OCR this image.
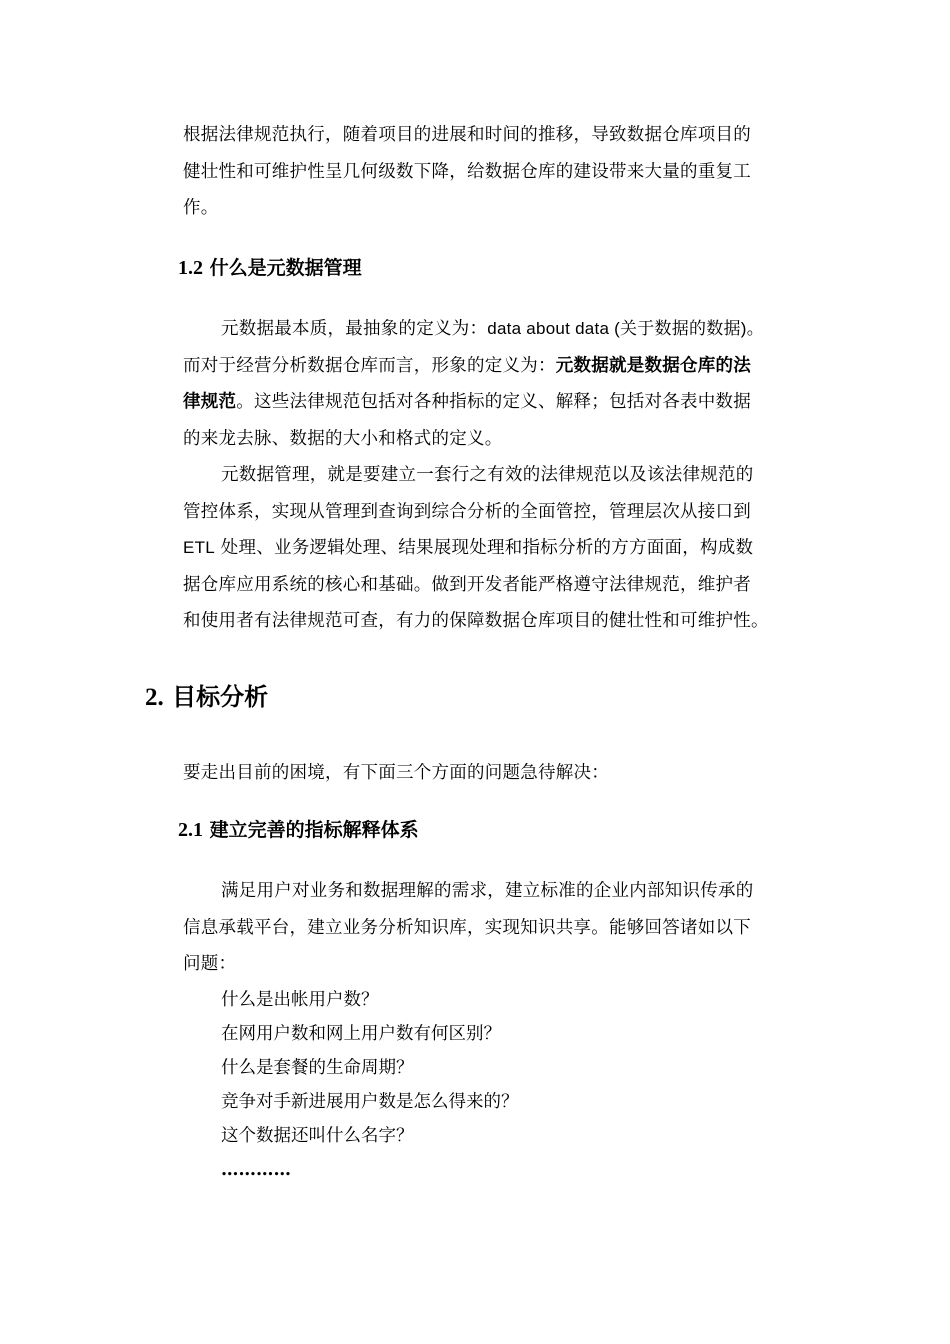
根据法律规范执行，随着项目的进展和时间的推移，导致数据仓库项目的
健壮性和可维护性呈几何级数下降，给数据仓库的建设带来大量的重复工
作。

1.2 什么是元数据管理

元数据最本质，最抽象的定义为：data about data (关于数据的数据)。
而对于经营分析数据仓库而言，形象的定义为：元数据就是数据仓库的法
律规范。这些法律规范包括对各种指标的定义、解释；包括对各表中数据
的来龙去脉、数据的大小和格式的定义。

元数据管理，就是要建立一套行之有效的法律规范以及该法律规范的
管控体系，实现从管理到查询到综合分析的全面管控，管理层次从接口到
ETL 处理、业务逻辑处理、结果展现处理和指标分析的方方面面，构成数
据仓库应用系统的核心和基础。做到开发者能严格遵守法律规范，维护者
和使用者有法律规范可查，有力的保障数据仓库项目的健壮性和可维护性。

2. 目标分析

要走出目前的困境，有下面三个方面的问题急待解决：

2.1 建立完善的指标解释体系

满足用户对业务和数据理解的需求，建立标准的企业内部知识传承的
信息承载平台，建立业务分析知识库，实现知识共享。能够回答诸如以下
问题：

什么是出帐用户数？
在网用户数和网上用户数有何区别？
什么是套餐的生命周期？
竞争对手新进展用户数是怎么得来的？
这个数据还叫什么名字？
…………
